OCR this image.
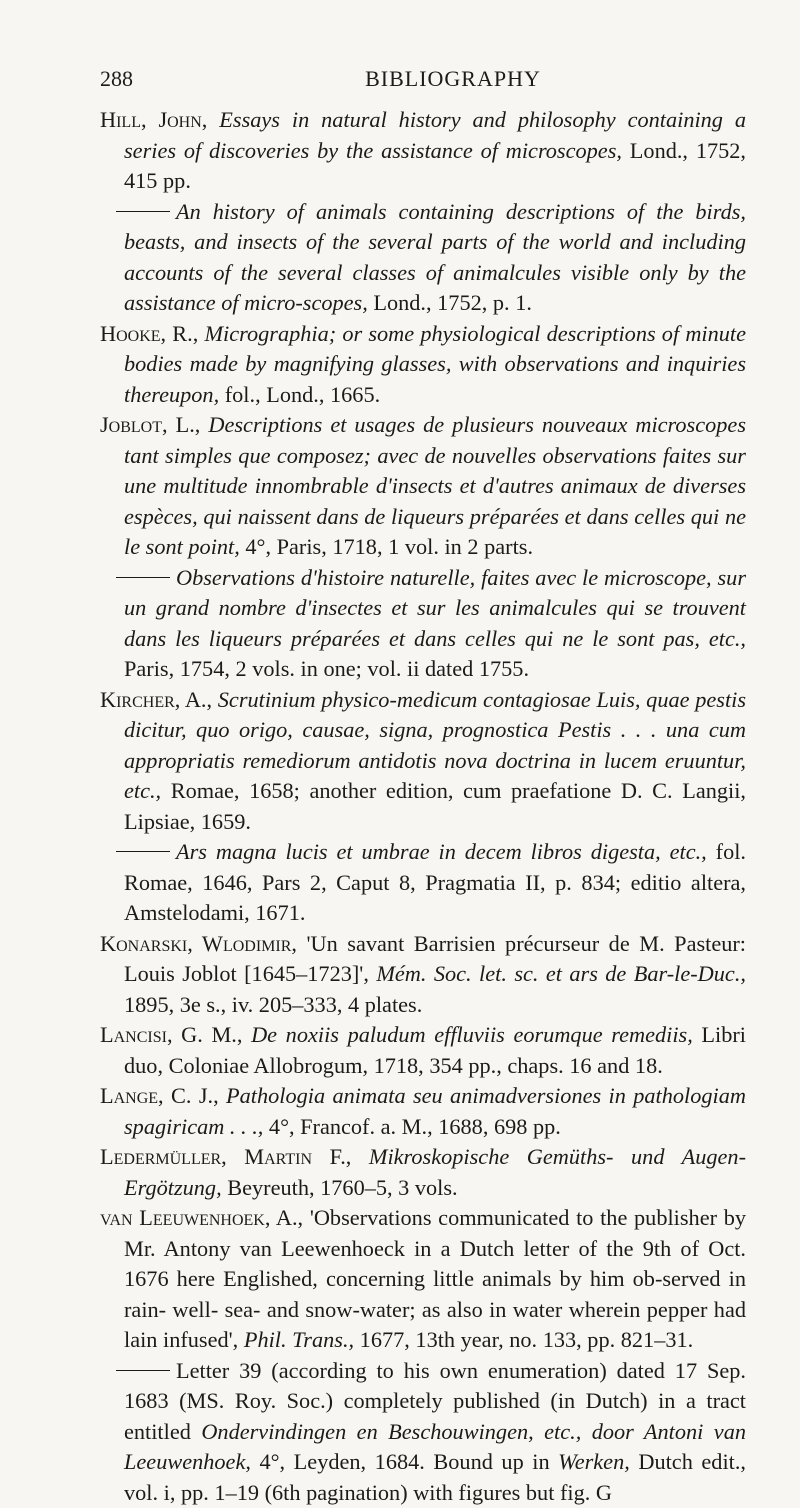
288	BIBLIOGRAPHY

Hill, John, Essays in natural history and philosophy containing a series of discoveries by the assistance of microscopes, Lond., 1752, 415 pp.

An history of animals containing descriptions of the birds, beasts, and insects of the several parts of the world and including accounts of the several classes of animalcules visible only by the assistance of micro-scopes, Lond., 1752, p. 1.

Hooke, R., Micrographia; or some physiological descriptions of minute bodies made by magnifying glasses, with observations and inquiries thereupon, fol., Lond., 1665.

Joblot, L., Descriptions et usages de plusieurs nouveaux microscopes tant simples que composez; avec de nouvelles observations faites sur une multitude innombrable d'insects et d'autres animaux de diverses espèces, qui naissent dans de liqueurs préparées et dans celles qui ne le sont point, 4°, Paris, 1718, 1 vol. in 2 parts.

Observations d'histoire naturelle, faites avec le microscope, sur un grand nombre d'insectes et sur les animalcules qui se trouvent dans les liqueurs préparées et dans celles qui ne le sont pas, etc., Paris, 1754, 2 vols. in one; vol. ii dated 1755.

Kircher, A., Scrutinium physico-medicum contagiosae Luis, quae pestis dicitur, quo origo, causae, signa, prognostica Pestis . . . una cum appropriatis remediorum antidotis nova doctrina in lucem eruuntur, etc., Romae, 1658; another edition, cum praefatione D. C. Langii, Lipsiae, 1659.

Ars magna lucis et umbrae in decem libros digesta, etc., fol. Romae, 1646, Pars 2, Caput 8, Pragmatia II, p. 834; editio altera, Amstelodami, 1671.

Konarski, Wlodimir, 'Un savant Barrisien précurseur de M. Pasteur: Louis Joblot [1645–1723]', Mém. Soc. let. sc. et ars de Bar-le-Duc., 1895, 3e s., iv. 205–333, 4 plates.

Lancisi, G. M., De noxiis paludum effluviis eorumque remediis, Libri duo, Coloniae Allobrogum, 1718, 354 pp., chaps. 16 and 18.

Lange, C. J., Pathologia animata seu animadversiones in pathologiam spagiricam . . ., 4°, Francof. a. M., 1688, 698 pp.

Ledermüller, Martin F., Mikroskopische Gemüths- und Augen-Ergötzung, Beyreuth, 1760–5, 3 vols.

van Leeuwenhoek, A., 'Observations communicated to the publisher by Mr. Antony van Leewenhoeck in a Dutch letter of the 9th of Oct. 1676 here Englished, concerning little animals by him ob-served in rain- well- sea- and snow-water; as also in water wherein pepper had lain infused', Phil. Trans., 1677, 13th year, no. 133, pp. 821–31.

Letter 39 (according to his own enumeration) dated 17 Sep. 1683 (MS. Roy. Soc.) completely published (in Dutch) in a tract entitled Ondervindingen en Beschouwingen, etc., door Antoni van Leeuwenhoek, 4°, Leyden, 1684. Bound up in Werken, Dutch edit., vol. i, pp. 1–19 (6th pagination) with figures but fig. G
